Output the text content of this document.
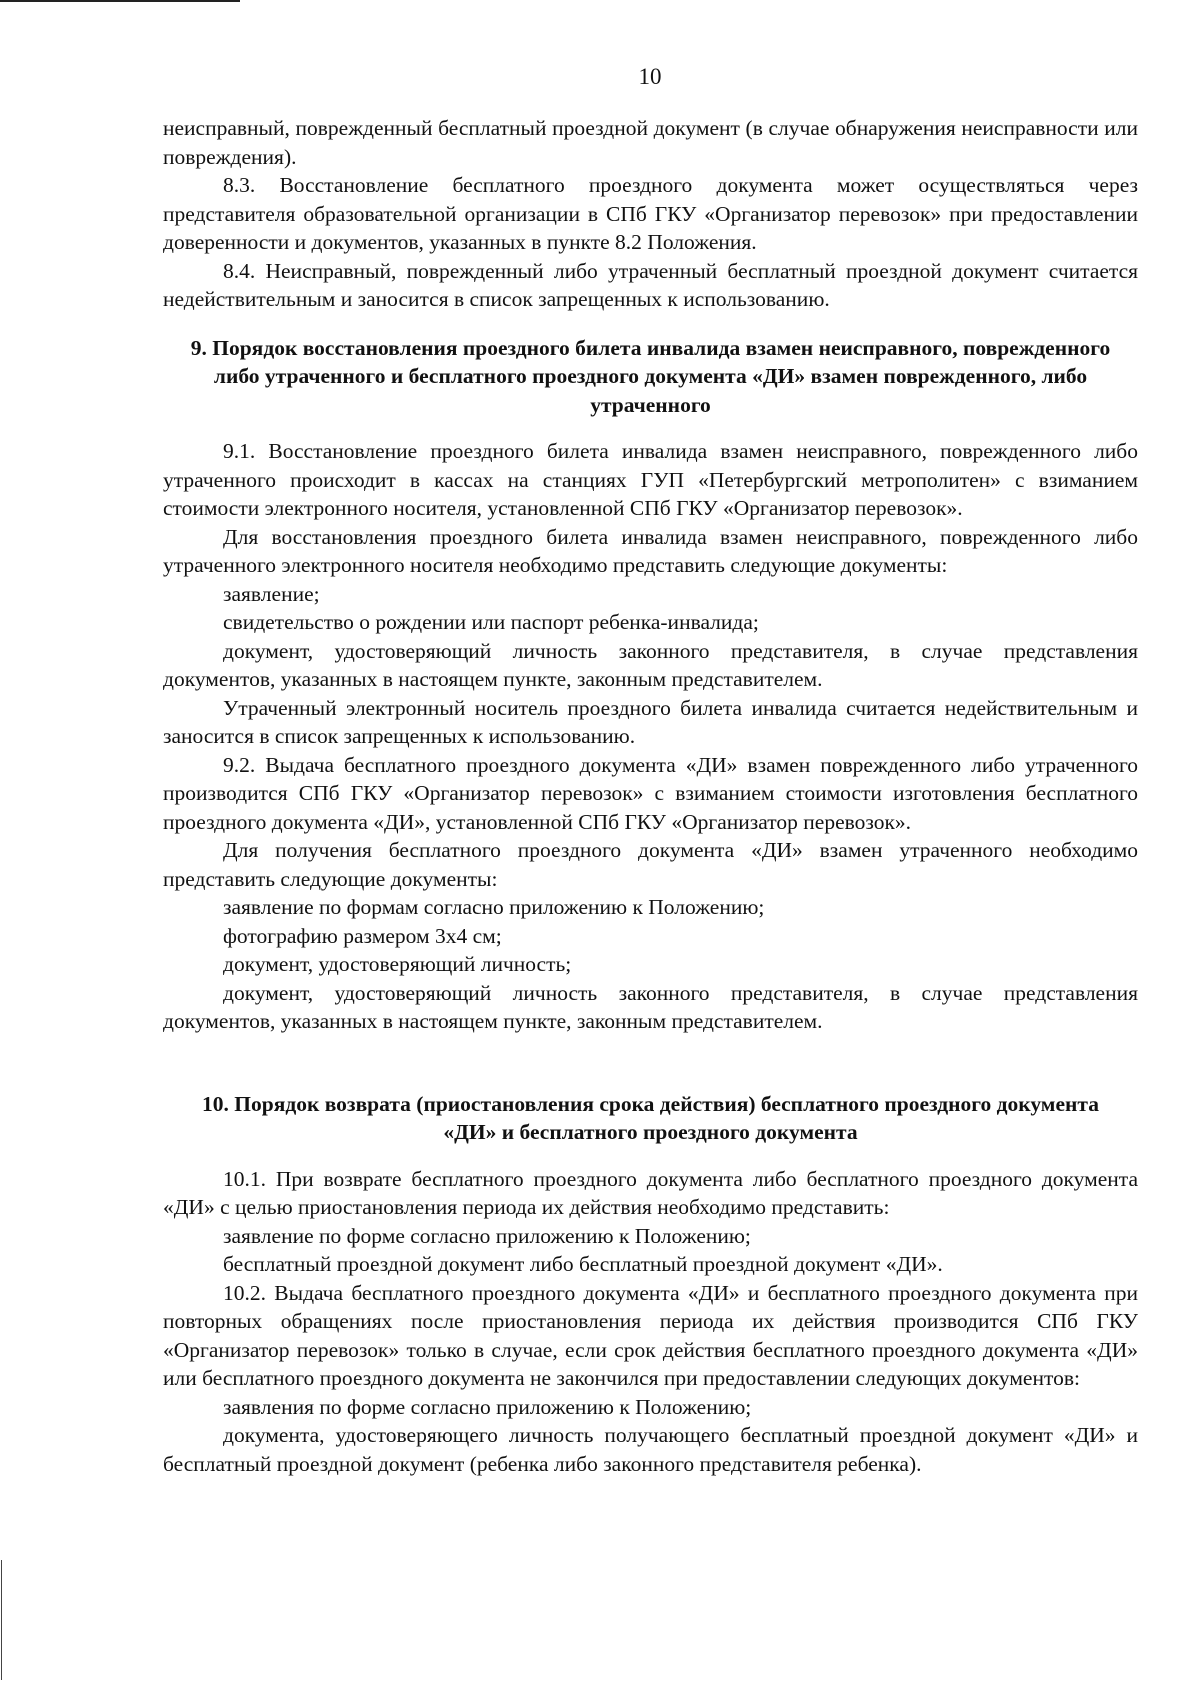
10

неисправный, поврежденный бесплатный проездной документ (в случае обнаружения неисправности или повреждения).

8.3. Восстановление бесплатного проездного документа может осуществляться через представителя образовательной организации в СПб ГКУ «Организатор перевозок» при предоставлении доверенности и документов, указанных в пункте 8.2 Положения.

8.4. Неисправный, поврежденный либо утраченный бесплатный проездной документ считается недействительным и заносится в список запрещенных к использованию.

9. Порядок восстановления проездного билета инвалида взамен неисправного, поврежденного либо утраченного и бесплатного проездного документа «ДИ» взамен поврежденного, либо утраченного

9.1. Восстановление проездного билета инвалида взамен неисправного, поврежденного либо утраченного происходит в кассах на станциях ГУП «Петербургский метрополитен» с взиманием стоимости электронного носителя, установленной СПб ГКУ «Организатор перевозок».

Для восстановления проездного билета инвалида взамен неисправного, поврежденного либо утраченного электронного носителя необходимо представить следующие документы:

заявление;

свидетельство о рождении или паспорт ребенка-инвалида;

документ, удостоверяющий личность законного представителя, в случае представления документов, указанных в настоящем пункте, законным представителем.

Утраченный электронный носитель проездного билета инвалида считается недействительным и заносится в список запрещенных к использованию.

9.2. Выдача бесплатного проездного документа «ДИ» взамен поврежденного либо утраченного производится СПб ГКУ «Организатор перевозок» с взиманием стоимости изготовления бесплатного проездного документа «ДИ», установленной СПб ГКУ «Организатор перевозок».

Для получения бесплатного проездного документа «ДИ» взамен утраченного необходимо представить следующие документы:

заявление по формам согласно приложению к Положению;

фотографию размером 3х4 см;

документ, удостоверяющий личность;

документ, удостоверяющий личность законного представителя, в случае представления документов, указанных в настоящем пункте, законным представителем.

10. Порядок возврата (приостановления срока действия) бесплатного проездного документа «ДИ» и бесплатного проездного документа

10.1. При возврате бесплатного проездного документа либо бесплатного проездного документа «ДИ» с целью приостановления периода их действия необходимо представить:

заявление по форме согласно приложению к Положению;

бесплатный проездной документ либо бесплатный проездной документ «ДИ».

10.2. Выдача бесплатного проездного документа «ДИ» и бесплатного проездного документа при повторных обращениях после приостановления периода их действия производится СПб ГКУ «Организатор перевозок» только в случае, если срок действия бесплатного проездного документа «ДИ» или бесплатного проездного документа не закончился при предоставлении следующих документов:

заявления по форме согласно приложению к Положению;

документа, удостоверяющего личность получающего бесплатный проездной документ «ДИ» и бесплатный проездной документ (ребенка либо законного представителя ребенка).
